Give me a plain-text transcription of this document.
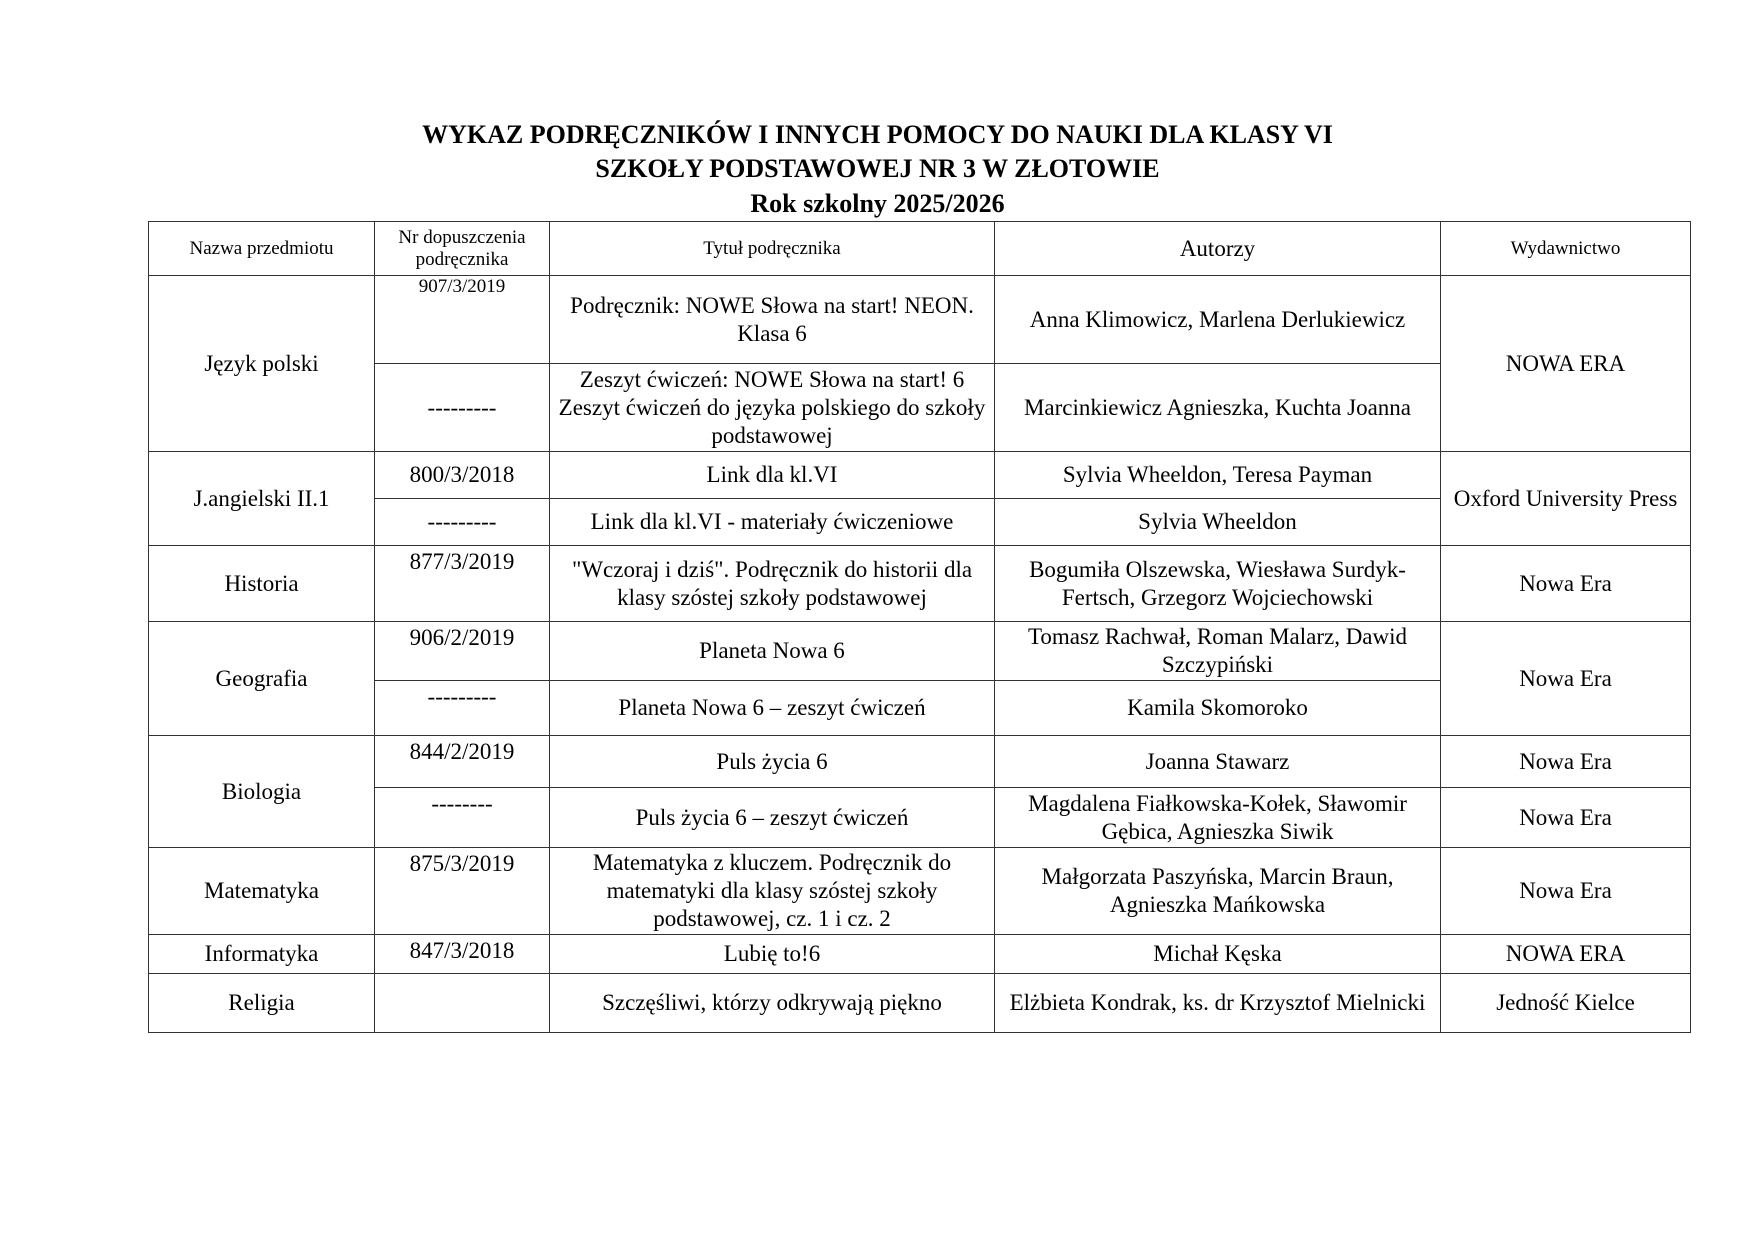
WYKAZ PODRĘCZNIKÓW I INNYCH POMOCY DO NAUKI DLA KLASY VI
SZKOŁY PODSTAWOWEJ NR 3 W ZŁOTOWIE
Rok szkolny 2025/2026
Nazwa przedmiotu	Nr dopuszczenia podręcznika	Tytuł podręcznika	Autorzy	Wydawnictwo
Język polski	907/3/2019	Podręcznik: NOWE Słowa na start! NEON. Klasa 6	Anna Klimowicz, Marlena Derlukiewicz	NOWA ERA
	---------	Zeszyt ćwiczeń: NOWE Słowa na start! 6 Zeszyt ćwiczeń do języka polskiego do szkoły podstawowej	Marcinkiewicz Agnieszka, Kuchta Joanna	
J.angielski II.1	800/3/2018	Link dla kl.VI	Sylvia Wheeldon, Teresa Payman	Oxford University Press
	---------	Link dla kl.VI - materiały ćwiczeniowe	Sylvia Wheeldon	
Historia	877/3/2019	"Wczoraj i dziś". Podręcznik do historii dla klasy szóstej szkoły podstawowej	Bogumiła Olszewska, Wiesława Surdyk-Fertsch, Grzegorz Wojciechowski	Nowa Era
Geografia	906/2/2019	Planeta Nowa 6	Tomasz Rachwał, Roman Malarz, Dawid Szczypiński	Nowa Era
	---------	Planeta Nowa 6 – zeszyt ćwiczeń	Kamila Skomoroko	
Biologia	844/2/2019	Puls życia 6	Joanna Stawarz	Nowa Era
	--------	Puls życia 6 – zeszyt ćwiczeń	Magdalena Fiałkowska-Kołek, Sławomir Gębica, Agnieszka Siwik	Nowa Era
Matematyka	875/3/2019	Matematyka z kluczem. Podręcznik do matematyki dla klasy szóstej szkoły podstawowej, cz. 1 i cz. 2	Małgorzata Paszyńska, Marcin Braun, Agnieszka Mańkowska	Nowa Era
Informatyka	847/3/2018	Lubię to!6	Michał Kęska	NOWA ERA
Religia		Szczęśliwi, którzy odkrywają piękno	Elżbieta Kondrak, ks. dr Krzysztof Mielnicki	Jedność Kielce
